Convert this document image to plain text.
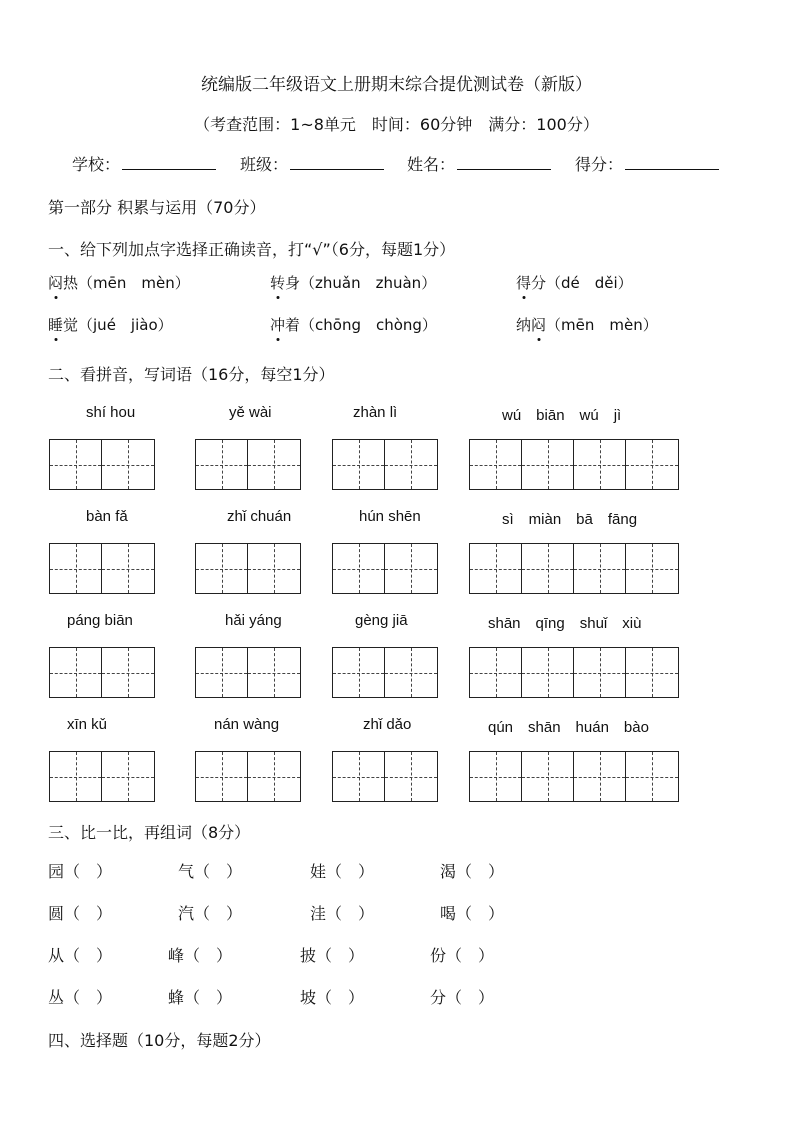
统编版二年级语文上册期末综合提优测试卷（新版）
（考查范围：1~8单元　时间：60分钟　满分：100分）
学校：	班级：	姓名：	得分：
第一部分 积累与运用（70分）
一、给下列加点字选择正确读音，打“√”（6分，每题1分）
闷热（mēn　mèn）	转身（zhuǎn　zhuàn）	得分（dé　děi）
睡觉（jué　jiào）	冲着（chōng　chòng）	纳闷（mēn　mèn）
二、看拼音，写词语（16分，每空1分）
shí hou	yě wài	zhàn lì	wú　biān　wú　jì
bàn fǎ	zhǐ chuán	hún shēn	sì　miàn　bā　fāng
páng biān	hǎi yáng	gèng jiā	shān　qīng　shuǐ　xiù
xīn kǔ	nán wàng	zhǐ dǎo	qún　shān　huán　bào
三、比一比，再组词（8分）
园（　）	气（　）	娃（　）	渴（　）
圆（　）	汽（　）	洼（　）	喝（　）
从（　）	峰（　）	披（　）	份（　）
丛（　）	蜂（　）	坡（　）	分（　）
四、选择题（10分，每题2分）
